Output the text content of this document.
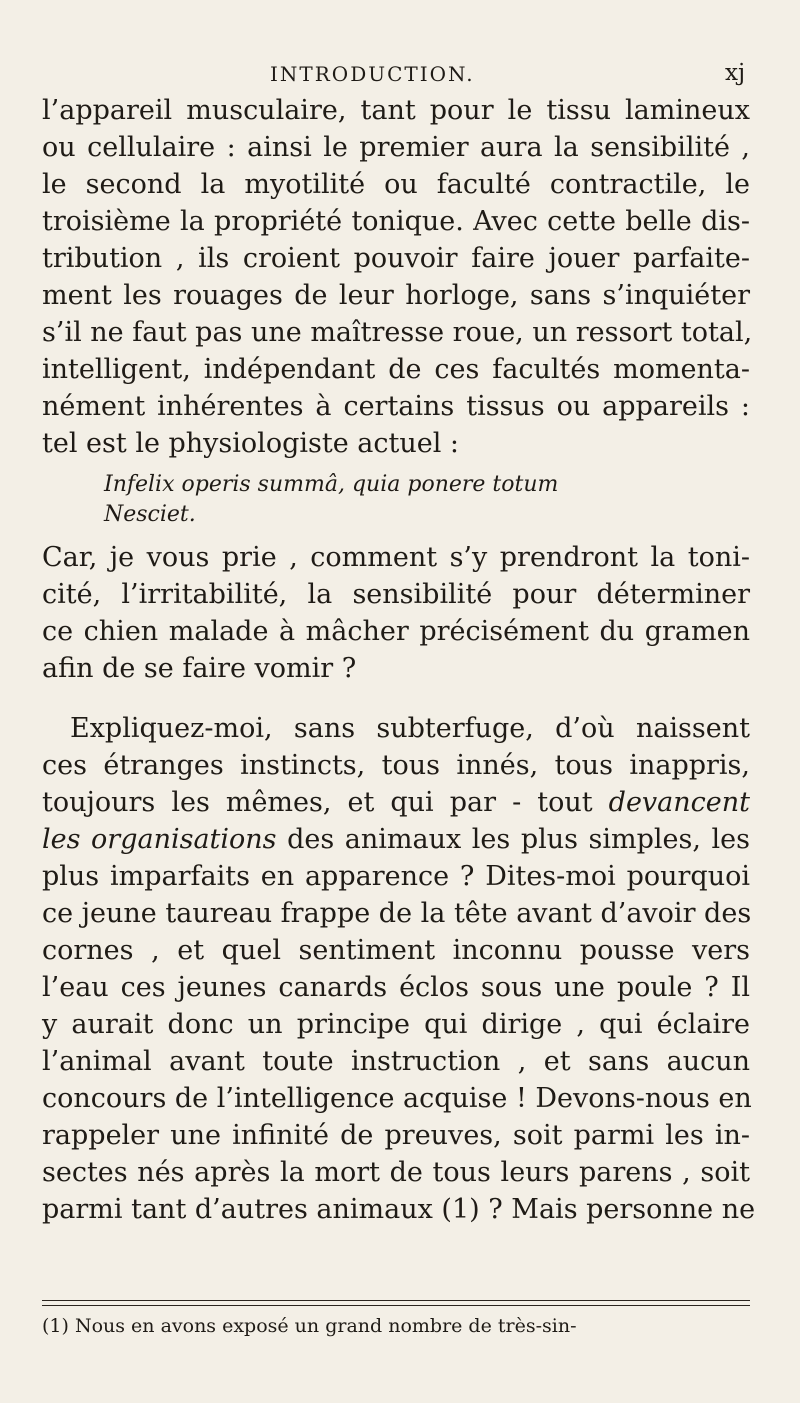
INTRODUCTION.	xj
l’appareil musculaire, tant pour le tissu lamineux
ou cellulaire : ainsi le premier aura la sensibilité ,
le second la myotilité ou faculté contractile, le
troisième la propriété tonique. Avec cette belle dis-
tribution , ils croient pouvoir faire jouer parfaite-
ment les rouages de leur horloge, sans s’inquiéter
s’il ne faut pas une maîtresse roue, un ressort total,
intelligent, indépendant de ces facultés momenta-
nément inhérentes à certains tissus ou appareils :
tel est le physiologiste actuel :
Infelix operis summâ, quia ponere totum
Nesciet.
Car, je vous prie , comment s’y prendront la toni-
cité, l’irritabilité, la sensibilité pour déterminer
ce chien malade à mâcher précisément du gramen
afin de se faire vomir ?
Expliquez-moi, sans subterfuge, d’où naissent
ces étranges instincts, tous innés, tous inappris,
toujours les mêmes, et qui par - tout devancent
les organisations des animaux les plus simples, les
plus imparfaits en apparence ? Dites-moi pourquoi
ce jeune taureau frappe de la tête avant d’avoir des
cornes , et quel sentiment inconnu pousse vers
l’eau ces jeunes canards éclos sous une poule ? Il
y aurait donc un principe qui dirige , qui éclaire
l’animal avant toute instruction , et sans aucun
concours de l’intelligence acquise ! Devons-nous en
rappeler une infinité de preuves, soit parmi les in-
sectes nés après la mort de tous leurs parens , soit
parmi tant d’autres animaux (1) ? Mais personne ne
(1) Nous en avons exposé un grand nombre de très-sin-
